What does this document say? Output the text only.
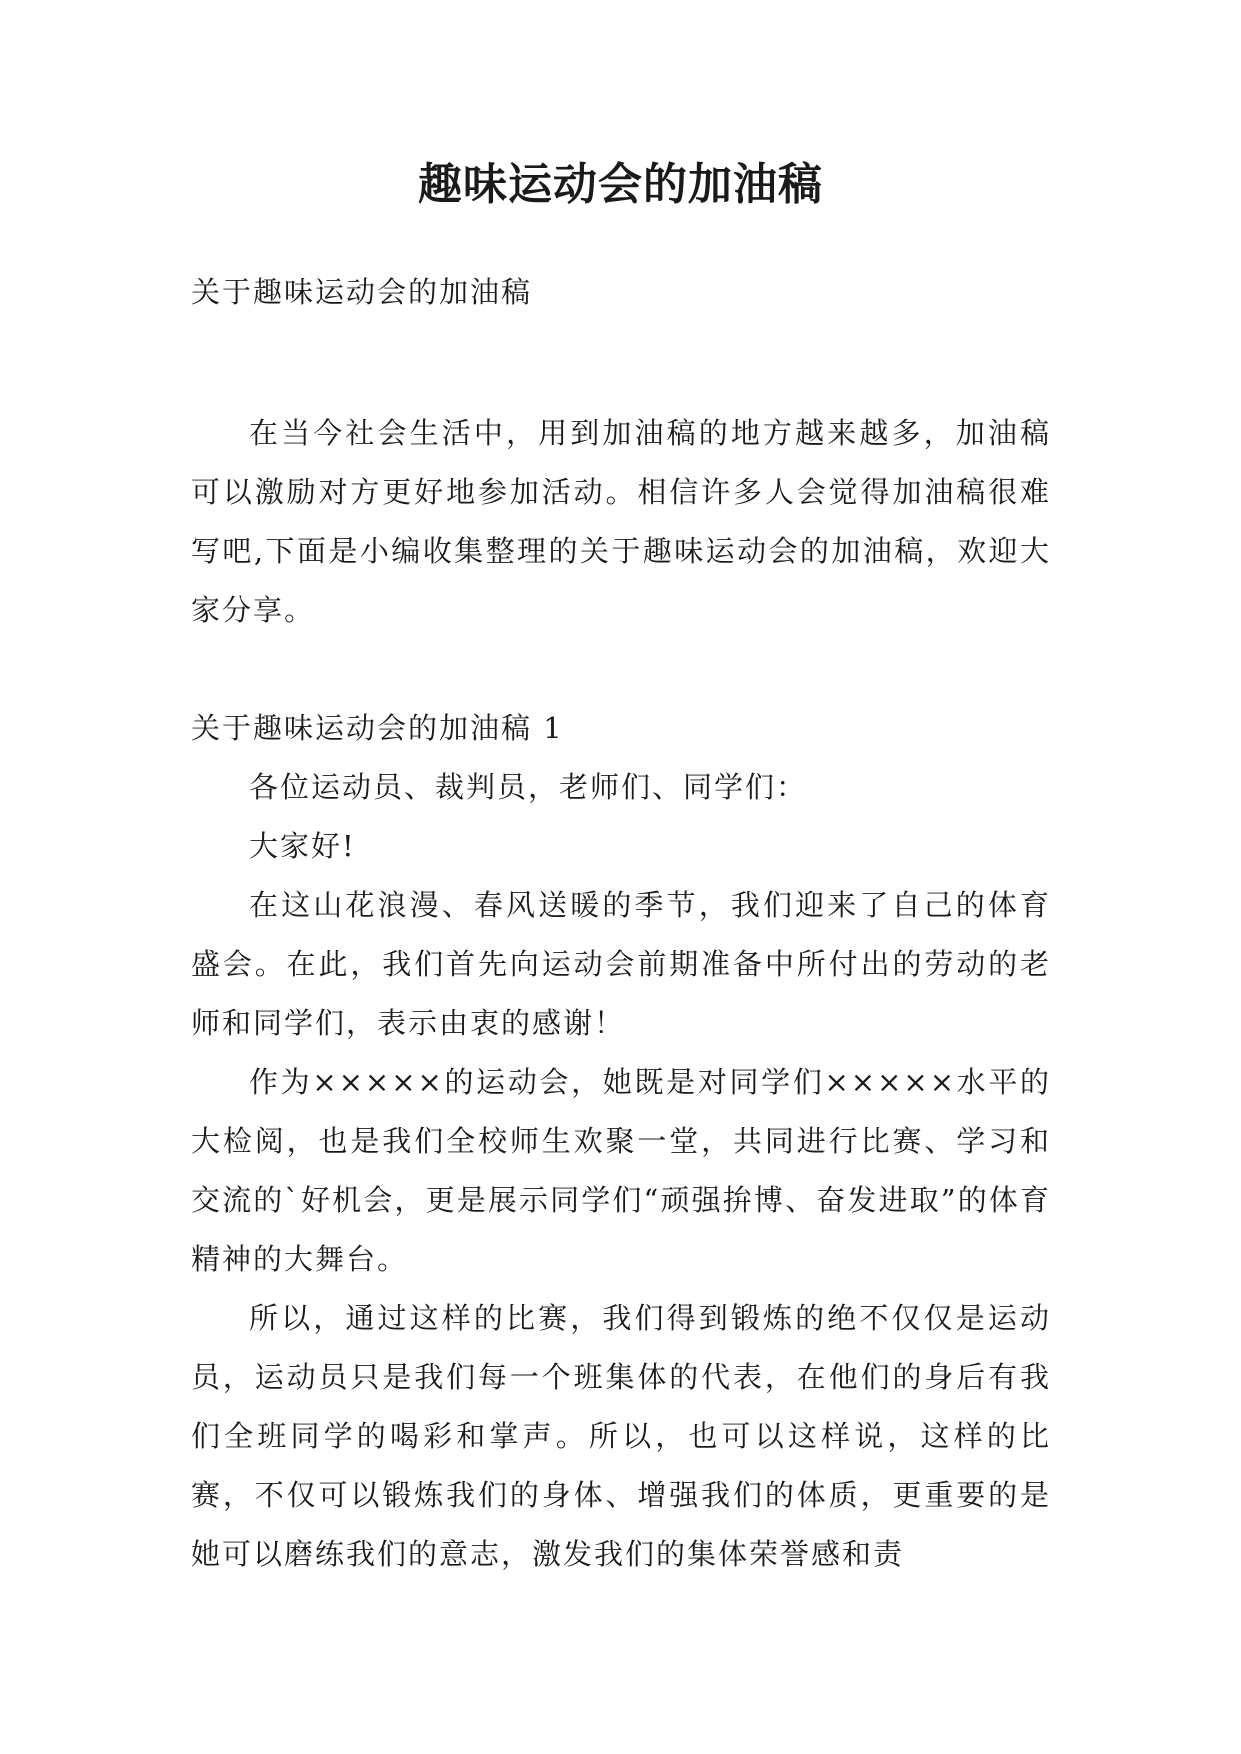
趣味运动会的加油稿

关于趣味运动会的加油稿

在当今社会生活中，用到加油稿的地方越来越多，加油稿可以激励对方更好地参加活动。相信许多人会觉得加油稿很难写吧,下面是小编收集整理的关于趣味运动会的加油稿，欢迎大家分享。

关于趣味运动会的加油稿 1

各位运动员、裁判员，老师们、同学们：

大家好!

在这山花浪漫、春风送暖的季节，我们迎来了自己的体育盛会。在此，我们首先向运动会前期准备中所付出的劳动的老师和同学们，表示由衷的感谢！

作为×××××的运动会，她既是对同学们×××××水平的大检阅，也是我们全校师生欢聚一堂，共同进行比赛、学习和交流的`好机会，更是展示同学们“顽强拚博、奋发进取”的体育精神的大舞台。

所以，通过这样的比赛，我们得到锻炼的绝不仅仅是运动员，运动员只是我们每一个班集体的代表，在他们的身后有我们全班同学的喝彩和掌声。所以，也可以这样说，这样的比赛，不仅可以锻炼我们的身体、增强我们的体质，更重要的是她可以磨练我们的意志，激发我们的集体荣誉感和责
